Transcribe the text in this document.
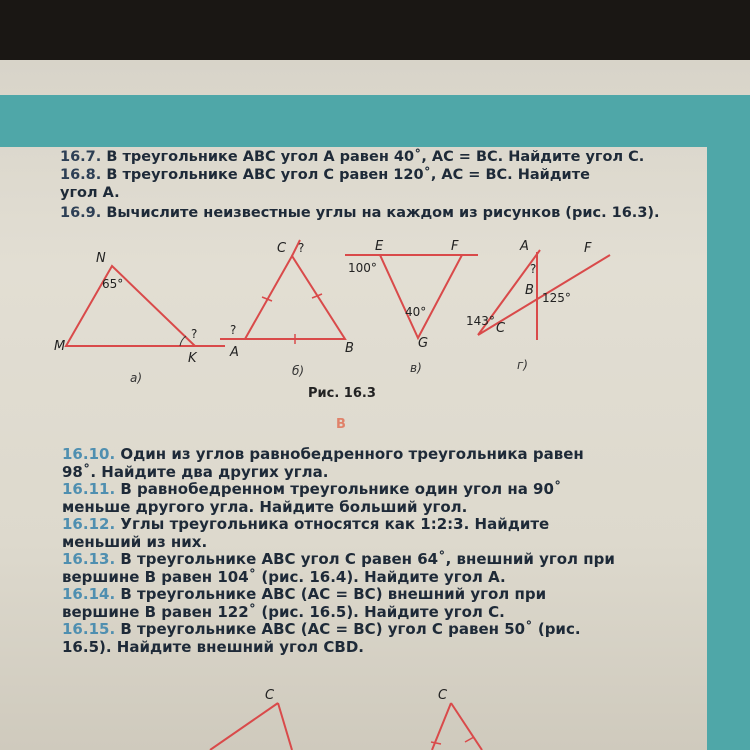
16.7. В треугольнике ABC угол A равен 40˚, AC = BC. Найдите угол C.
16.8. В треугольнике ABC угол C равен 120˚, AC = BC. Найдите угол A.
16.9. Вычислите неизвестные углы на каждом из рисунков (рис. 16.3).
N
M
K
65°
?
C
A	B
?
?
E	F
G
100°
40°
A	F
B
C
?
143°
125°
а)	б)	в)	г)
C	C
Рис. 16.3
B
16.10. Один из углов равнобедренного треугольника равен 98˚. Найдите два других угла.
16.11. В равнобедренном треугольнике один угол на 90˚ меньше другого угла. Найдите больший угол.
16.12. Углы треугольника относятся как 1:2:3. Найдите меньший из них.
16.13. В треугольнике ABC угол C равен 64˚, внешний угол при вершине B равен 104˚ (рис. 16.4). Найдите угол A.
16.14. В треугольнике ABC (AC = BC) внешний угол при вершине B равен 122˚ (рис. 16.5). Найдите угол C.
16.15. В треугольнике ABC (AC = BC) угол C равен 50˚ (рис. 16.5). Найдите внешний угол CBD.
